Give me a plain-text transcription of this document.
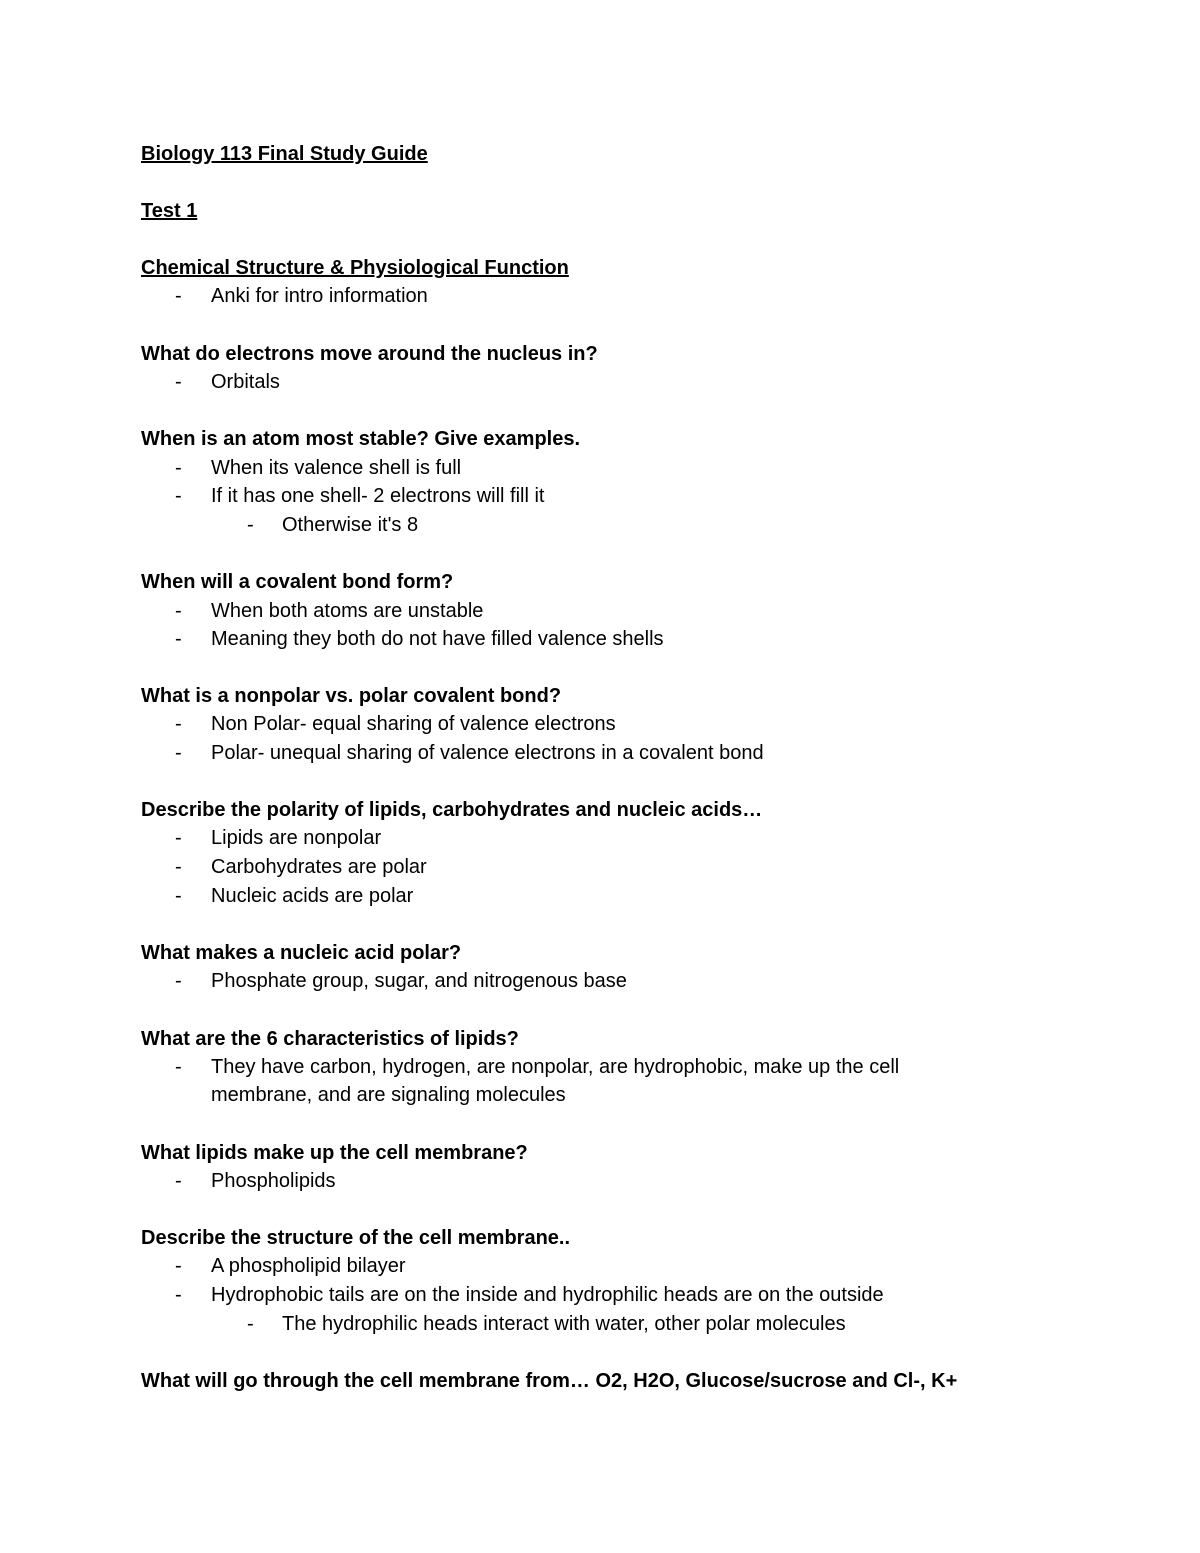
Biology 113 Final Study Guide
Test 1
Chemical Structure & Physiological Function
- Anki for intro information
What do electrons move around the nucleus in?
- Orbitals
When is an atom most stable? Give examples.
- When its valence shell is full
- If it has one shell- 2 electrons will fill it
- Otherwise it's 8
When will a covalent bond form?
- When both atoms are unstable
- Meaning they both do not have filled valence shells
What is a nonpolar vs. polar covalent bond?
- Non Polar- equal sharing of valence electrons
- Polar- unequal sharing of valence electrons in a covalent bond
Describe the polarity of lipids, carbohydrates and nucleic acids…
- Lipids are nonpolar
- Carbohydrates are polar
- Nucleic acids are polar
What makes a nucleic acid polar?
- Phosphate group, sugar, and nitrogenous base
What are the 6 characteristics of lipids?
- They have carbon, hydrogen, are nonpolar, are hydrophobic, make up the cell
membrane, and are signaling molecules
What lipids make up the cell membrane?
- Phospholipids
Describe the structure of the cell membrane..
- A phospholipid bilayer
- Hydrophobic tails are on the inside and hydrophilic heads are on the outside
- The hydrophilic heads interact with water, other polar molecules
What will go through the cell membrane from… O2, H2O, Glucose/sucrose and Cl-, K+
